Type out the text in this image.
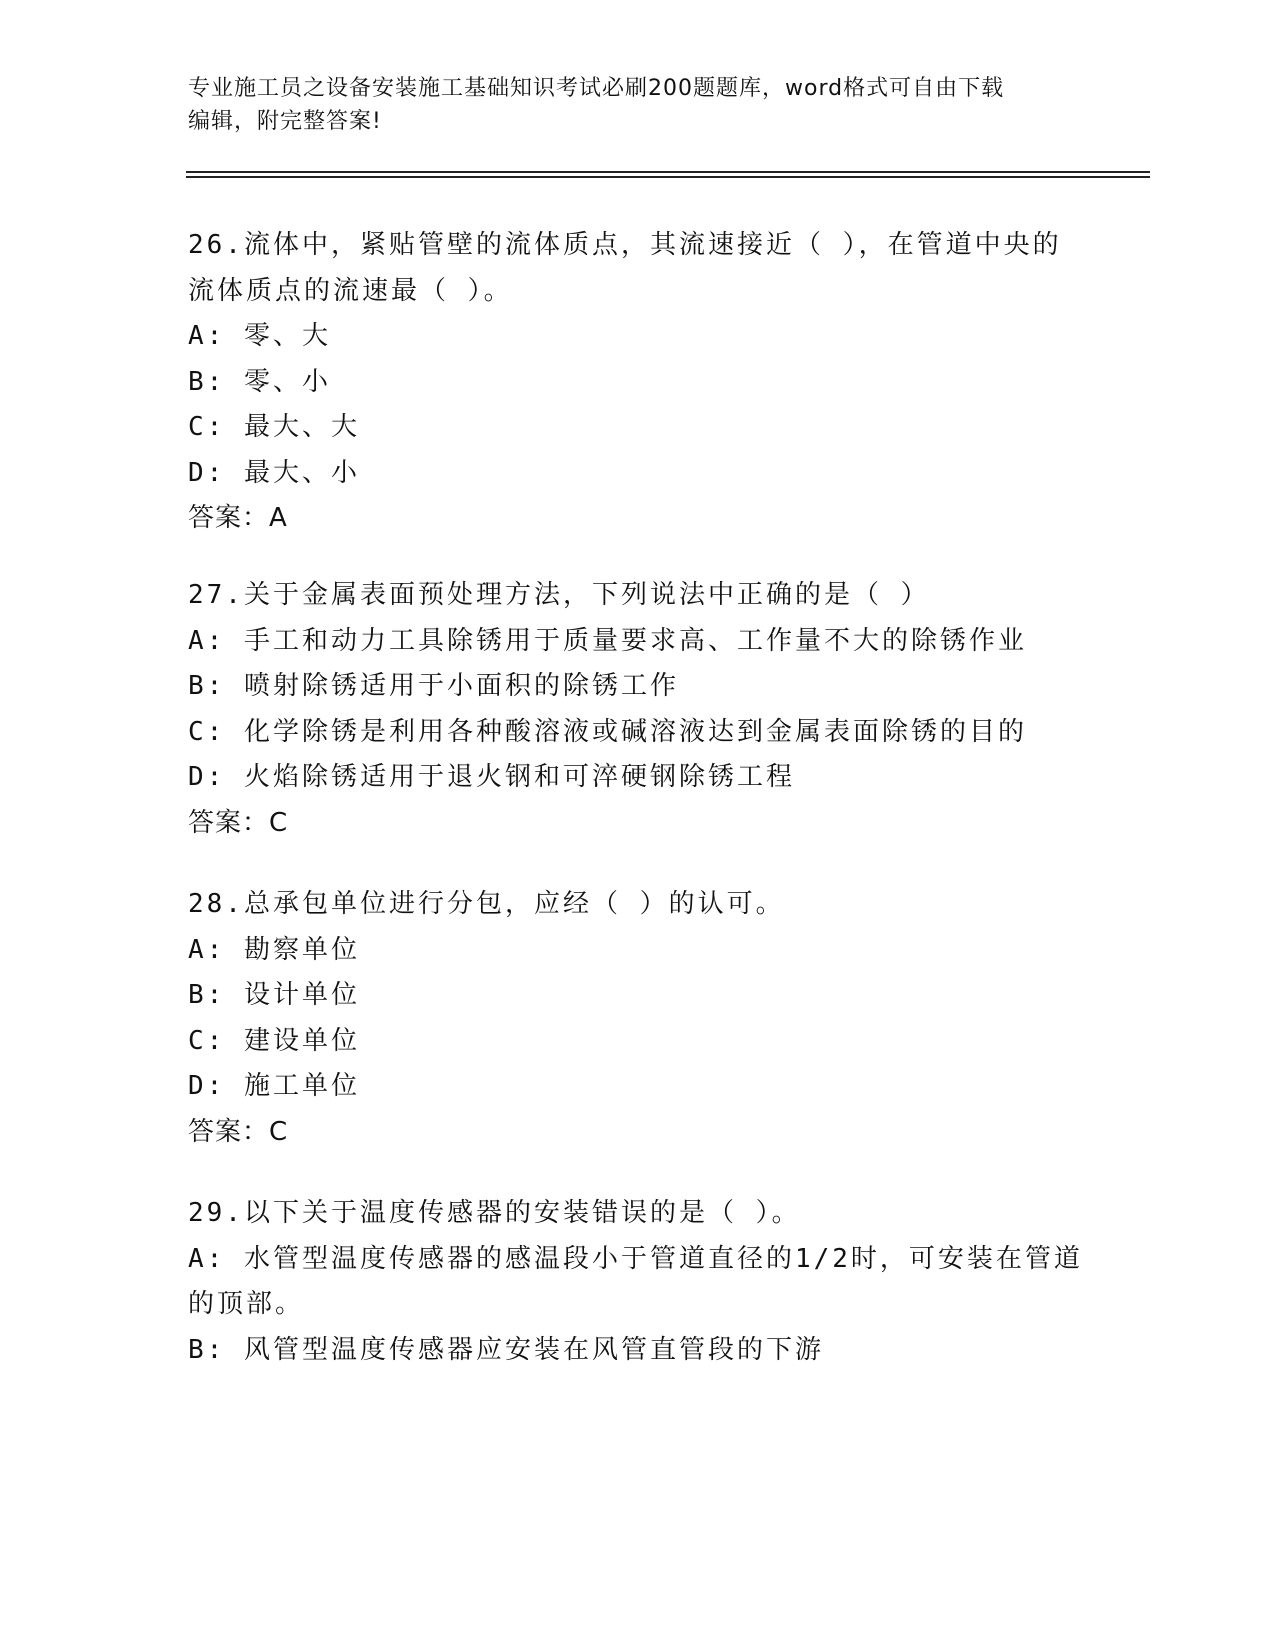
专业施工员之设备安装施工基础知识考试必刷200题题库，word格式可自由下载
编辑，附完整答案!
26.流体中，紧贴管壁的流体质点，其流速接近（ ），在管道中央的
流体质点的流速最（ ）。
A: 零、大
B: 零、小
C: 最大、大
D: 最大、小
答案：A
27.关于金属表面预处理方法，下列说法中正确的是（ ）
A: 手工和动力工具除锈用于质量要求高、工作量不大的除锈作业
B: 喷射除锈适用于小面积的除锈工作
C: 化学除锈是利用各种酸溶液或碱溶液达到金属表面除锈的目的
D: 火焰除锈适用于退火钢和可淬硬钢除锈工程
答案：C
28.总承包单位进行分包，应经（ ）的认可。
A: 勘察单位
B: 设计单位
C: 建设单位
D: 施工单位
答案：C
29.以下关于温度传感器的安装错误的是（ ）。
A: 水管型温度传感器的感温段小于管道直径的1/2时，可安装在管道
的顶部。
B: 风管型温度传感器应安装在风管直管段的下游
